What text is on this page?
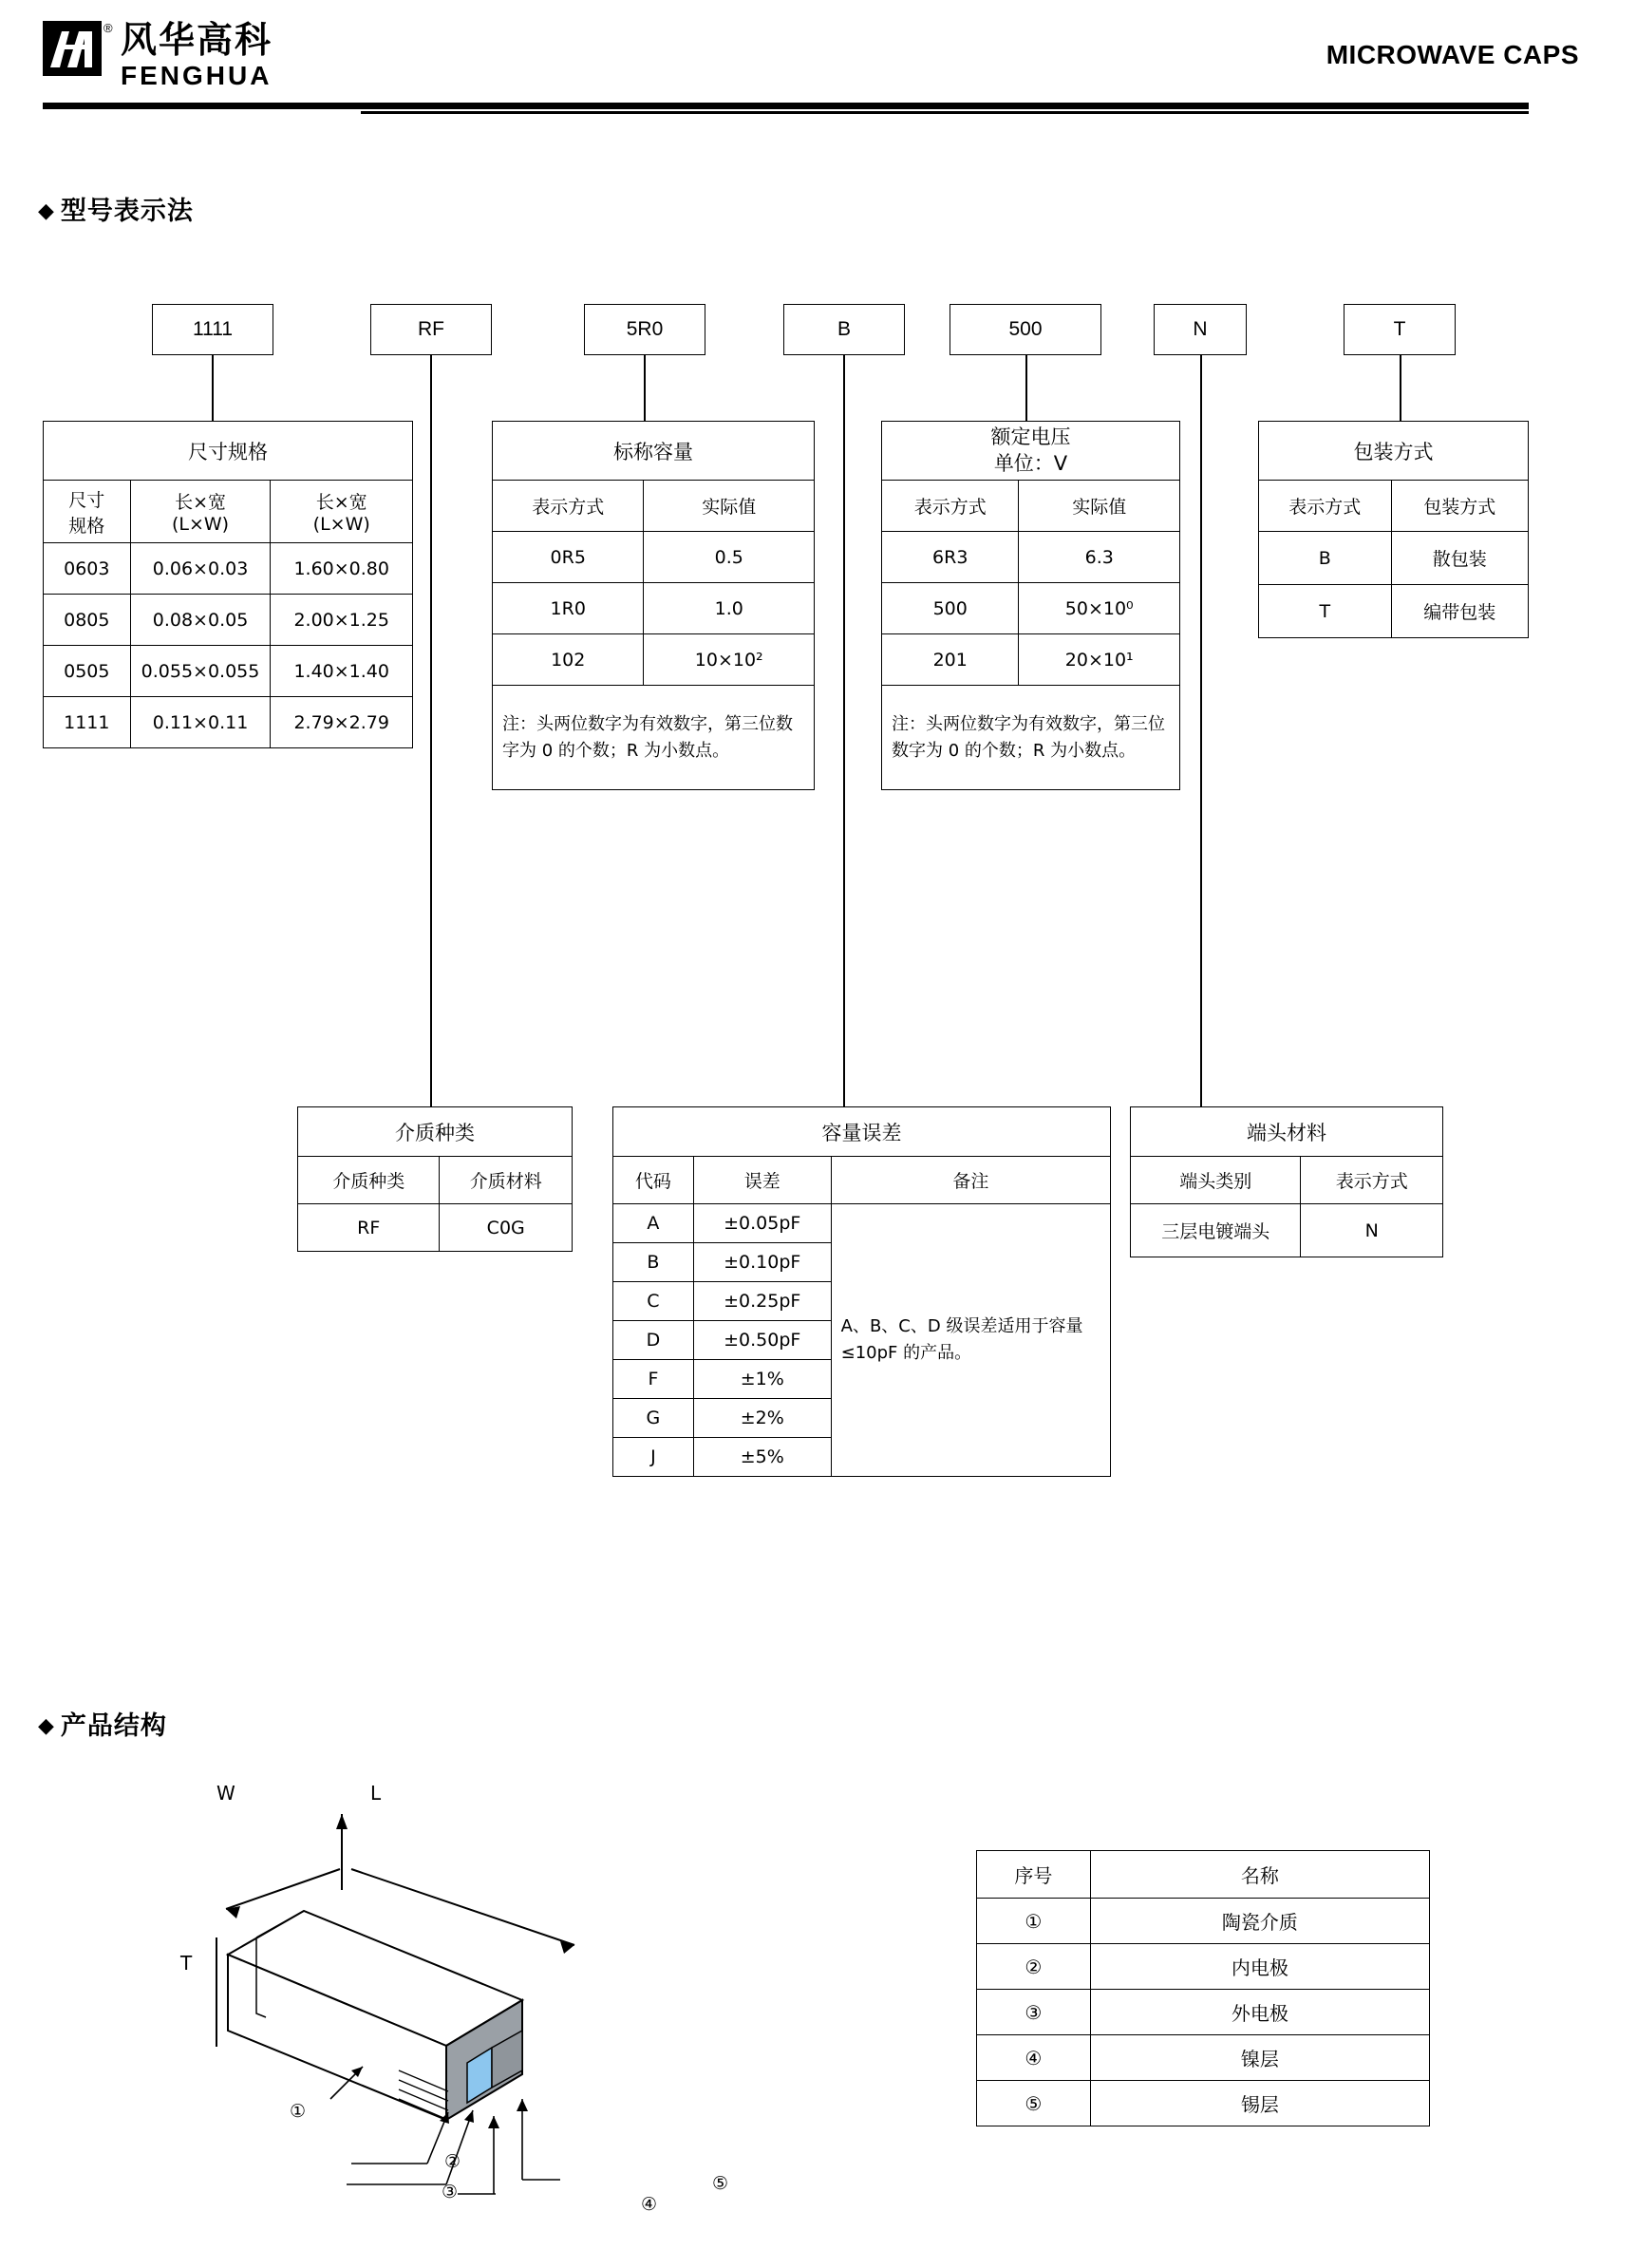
® 风华高科
FENGHUA
MICROWAVE CAPS
◆ 型号表示法
1111	RF	5R0	B	500	N	T
尺寸规格		

尺寸
规格

长×宽
(L×W)

长×宽
(L×W)

0603	0.06×0.03	1.60×0.80
0805	0.08×0.05	2.00×1.25
0505	0.055×0.055	1.40×1.40
1111	0.11×0.11	2.79×2.79
标称容量	
表示方式	实际值
0R5	0.5
1R0	1.0
102	10×10²
注：头两位数字为有效数字，第三位数字为 0 的个数；R 为小数点。	
额定电压
单位：V	

表示方式	实际值
6R3	6.3
500	50×10⁰
201	20×10¹
注：头两位数字为有效数字，第三位数字为 0 的个数；R 为小数点。	
包装方式	
表示方式	包装方式
B	散包装
T	编带包装
介质种类	
介质种类	介质材料
RF	C0G
容量误差		
代码	误差	备注
A	±0.05pF	A、B、C、D 级误差适用于容量≤10pF 的产品。
B	±0.10pF	
C	±0.25pF	
D	±0.50pF	
F	±1%	
G	±2%	
J	±5%	
端头材料	
端头类别	表示方式
三层电镀端头	N
◆ 产品结构
W	L
T
①
②
③
④
⑤
序号	名称
①	陶瓷介质
②	内电极
③	外电极
④	镍层
⑤	锡层
